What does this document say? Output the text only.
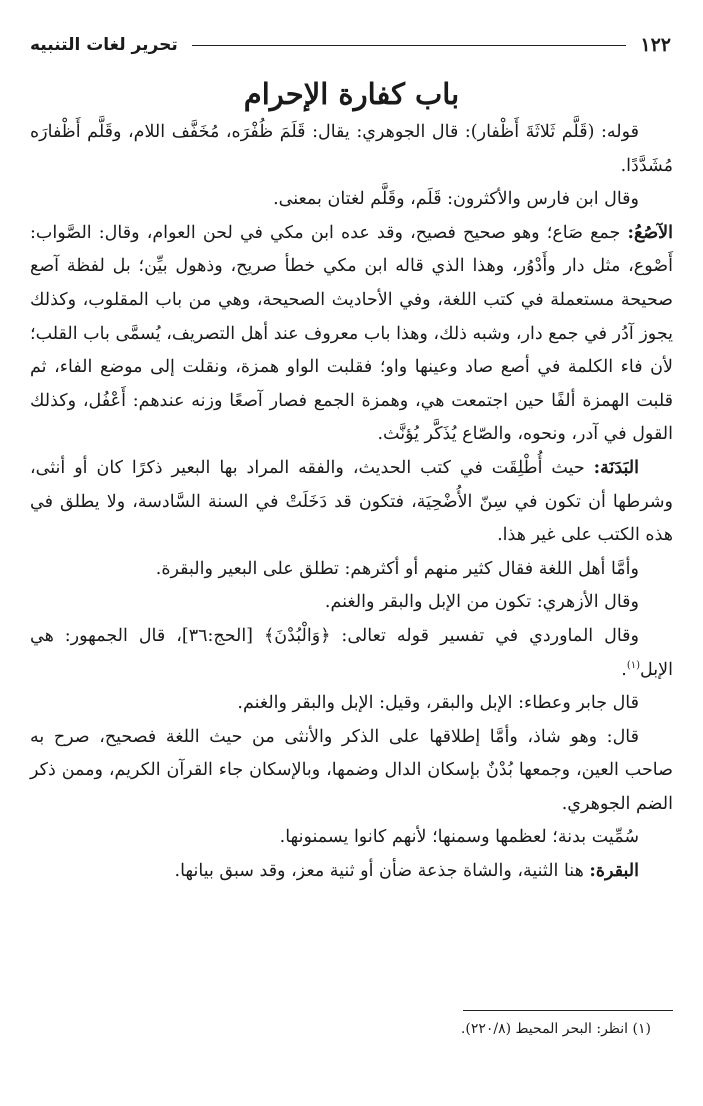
١٢٢
تحرير لغات التنبيه
باب كفارة الإحرام

قوله: (قَلَّم ثَلاثَةَ أَظْفار): قال الجوهري: يقال: قَلَمَ ظُفْرَه، مُخَفَّف اللام، وقَلَّم أَظْفارَه مُشَدَّدًا.

وقال ابن فارس والأكثرون: قَلَم، وقَلَّم لغتان بمعنى.

الآصُعُ: جمع صَاع؛ وهو صحيح فصيح، وقد عده ابن مكي في لحن العوام، وقال: الصَّواب: أَصْوع، مثل دار وأَدْوُر، وهذا الذي قاله ابن مكي خطأ صريح، وذهول بيِّن؛ بل لفظة آصع صحيحة مستعملة في كتب اللغة، وفي الأحاديث الصحيحة، وهي من باب المقلوب، وكذلك يجوز آدُر في جمع دار، وشبه ذلك، وهذا باب معروف عند أهل التصريف، يُسمَّى باب القلب؛ لأن فاء الكلمة في أصع صاد وعينها واو؛ فقلبت الواو همزة، ونقلت إلى موضع الفاء، ثم قلبت الهمزة ألفًا حين اجتمعت هي، وهمزة الجمع فصار آصعًا وزنه عندهم: أَعْفُل، وكذلك القول في آدر، ونحوه، والصّاع يُذَكَّر يُؤنَّث.

البَدَنَة: حيث أُطْلِقَت في كتب الحديث، والفقه المراد بها البعير ذكرًا كان أو أنثى، وشرطها أن تكون في سِنّ الأُضْحِيَة، فتكون قد دَخَلَتْ في السنة السَّادسة، ولا يطلق في هذه الكتب على غير هذا.

وأمَّا أهل اللغة فقال كثير منهم أو أكثرهم: تطلق على البعير والبقرة.

وقال الأزهري: تكون من الإبل والبقر والغنم.

وقال الماوردي في تفسير قوله تعالى: ﴿وَالْبُدْنَ﴾ [الحج:٣٦]، قال الجمهور: هي الإبل$^{(١)}$.

قال جابر وعطاء: الإبل والبقر، وقيل: الإبل والبقر والغنم.

قال: وهو شاذ، وأمَّا إطلاقها على الذكر والأنثى من حيث اللغة فصحيح، صرح به صاحب العين، وجمعها بُدْنٌ بإسكان الدال وضمها، وبالإسكان جاء القرآن الكريم، وممن ذكر الضم الجوهري.

سُمِّيت بدنة؛ لعظمها وسمنها؛ لأنهم كانوا يسمنونها.

البقرة: هنا الثنية، والشاة جذعة ضأن أو ثنية معز، وقد سبق بيانها.

(١) انظر: البحر المحيط (٢٢٠/٨).
